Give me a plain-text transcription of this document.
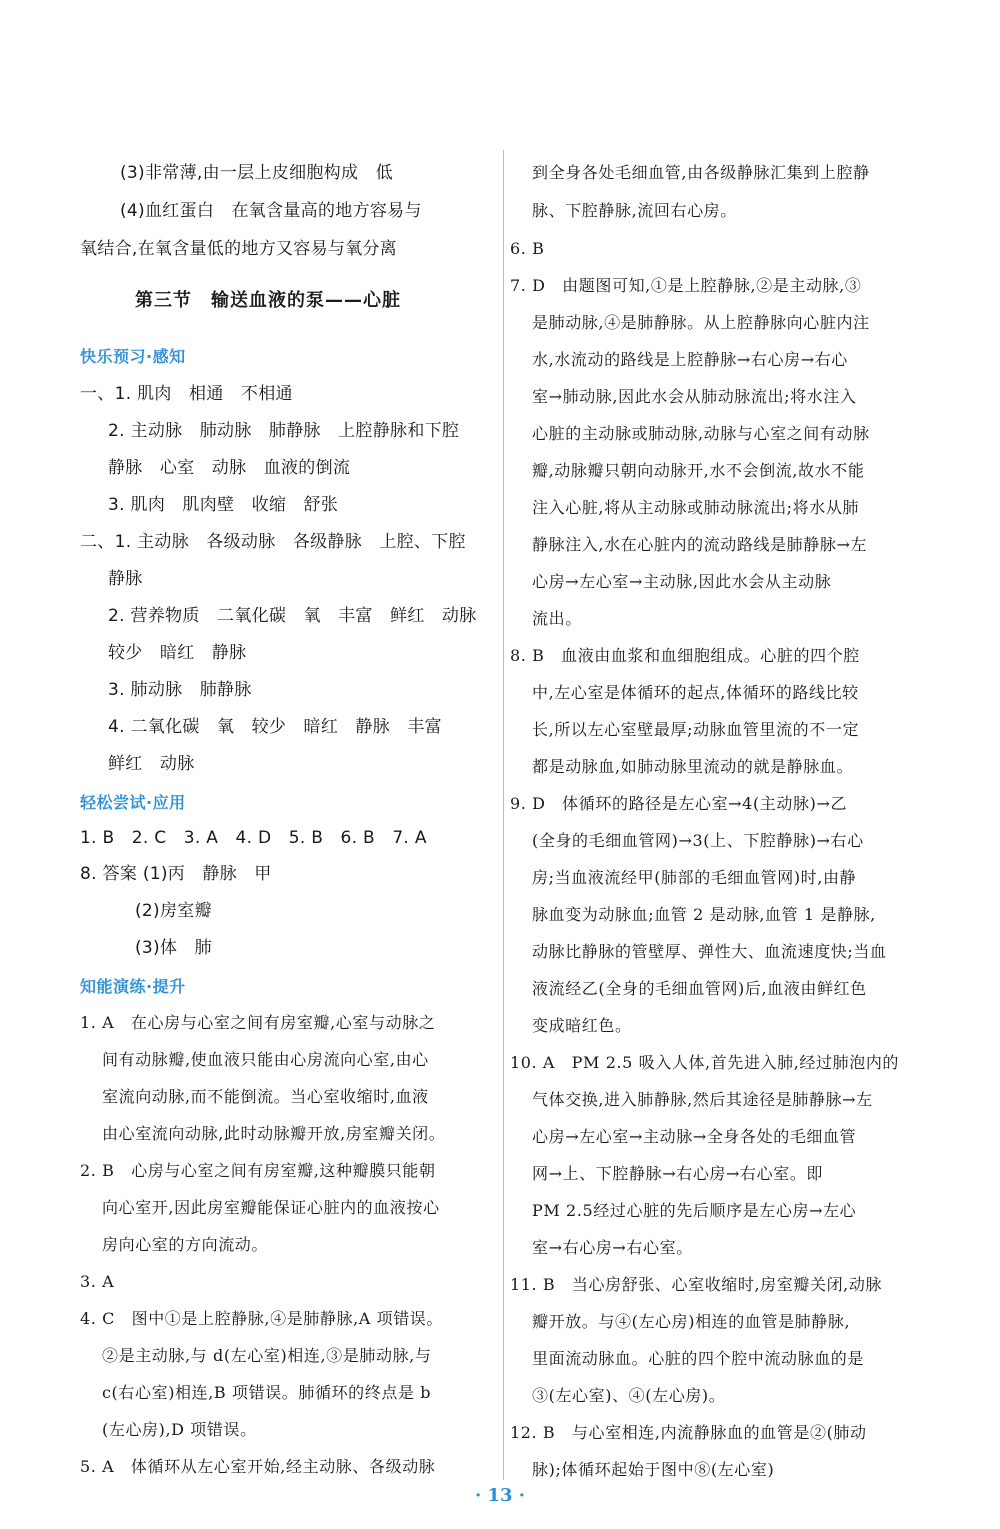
(3)非常薄,由一层上皮细胞构成　低
(4)血红蛋白　在氧含量高的地方容易与
氧结合,在氧含量低的地方又容易与氧分离
第三节　输送血液的泵——心脏
快乐预习·感知
一、1. 肌肉　相通　不相通
2. 主动脉　肺动脉　肺静脉　上腔静脉和下腔
静脉　心室　动脉　血液的倒流
3. 肌肉　肌肉壁　收缩　舒张
二、1. 主动脉　各级动脉　各级静脉　上腔、下腔
静脉
2. 营养物质　二氧化碳　氧　丰富　鲜红　动脉
较少　暗红　静脉
3. 肺动脉　肺静脉
4. 二氧化碳　氧　较少　暗红　静脉　丰富
鲜红　动脉
轻松尝试·应用
1. B　2. C　3. A　4. D　5. B　6. B　7. A
8. 答案 (1)丙　静脉　甲
(2)房室瓣
(3)体　肺
知能演练·提升
1. A　在心房与心室之间有房室瓣,心室与动脉之
间有动脉瓣,使血液只能由心房流向心室,由心
室流向动脉,而不能倒流。当心室收缩时,血液
由心室流向动脉,此时动脉瓣开放,房室瓣关闭。
2. B　心房与心室之间有房室瓣,这种瓣膜只能朝
向心室开,因此房室瓣能保证心脏内的血液按心
房向心室的方向流动。
3. A
4. C　图中①是上腔静脉,④是肺静脉,A 项错误。
②是主动脉,与 d(左心室)相连,③是肺动脉,与
c(右心室)相连,B 项错误。肺循环的终点是 b
(左心房),D 项错误。
5. A　体循环从左心室开始,经主动脉、各级动脉
到全身各处毛细血管,由各级静脉汇集到上腔静
脉、下腔静脉,流回右心房。
6. B
7. D　由题图可知,①是上腔静脉,②是主动脉,③
是肺动脉,④是肺静脉。从上腔静脉向心脏内注
水,水流动的路线是上腔静脉→右心房→右心
室→肺动脉,因此水会从肺动脉流出;将水注入
心脏的主动脉或肺动脉,动脉与心室之间有动脉
瓣,动脉瓣只朝向动脉开,水不会倒流,故水不能
注入心脏,将从主动脉或肺动脉流出;将水从肺
静脉注入,水在心脏内的流动路线是肺静脉→左
心房→左心室→主动脉,因此水会从主动脉
流出。
8. B　血液由血浆和血细胞组成。心脏的四个腔
中,左心室是体循环的起点,体循环的路线比较
长,所以左心室壁最厚;动脉血管里流的不一定
都是动脉血,如肺动脉里流动的就是静脉血。
9. D　体循环的路径是左心室→4(主动脉)→乙
(全身的毛细血管网)→3(上、下腔静脉)→右心
房;当血液流经甲(肺部的毛细血管网)时,由静
脉血变为动脉血;血管 2 是动脉,血管 1 是静脉,
动脉比静脉的管壁厚、弹性大、血流速度快;当血
液流经乙(全身的毛细血管网)后,血液由鲜红色
变成暗红色。
10. A　PM 2.5 吸入人体,首先进入肺,经过肺泡内的
气体交换,进入肺静脉,然后其途径是肺静脉→左
心房→左心室→主动脉→全身各处的毛细血管
网→上、下腔静脉→右心房→右心室。即
PM 2.5经过心脏的先后顺序是左心房→左心
室→右心房→右心室。
11. B　当心房舒张、心室收缩时,房室瓣关闭,动脉
瓣开放。与④(左心房)相连的血管是肺静脉,
里面流动脉血。心脏的四个腔中流动脉血的是
③(左心室)、④(左心房)。
12. B　与心室相连,内流静脉血的血管是②(肺动
脉);体循环起始于图中⑧(左心室)
· 13 ·
